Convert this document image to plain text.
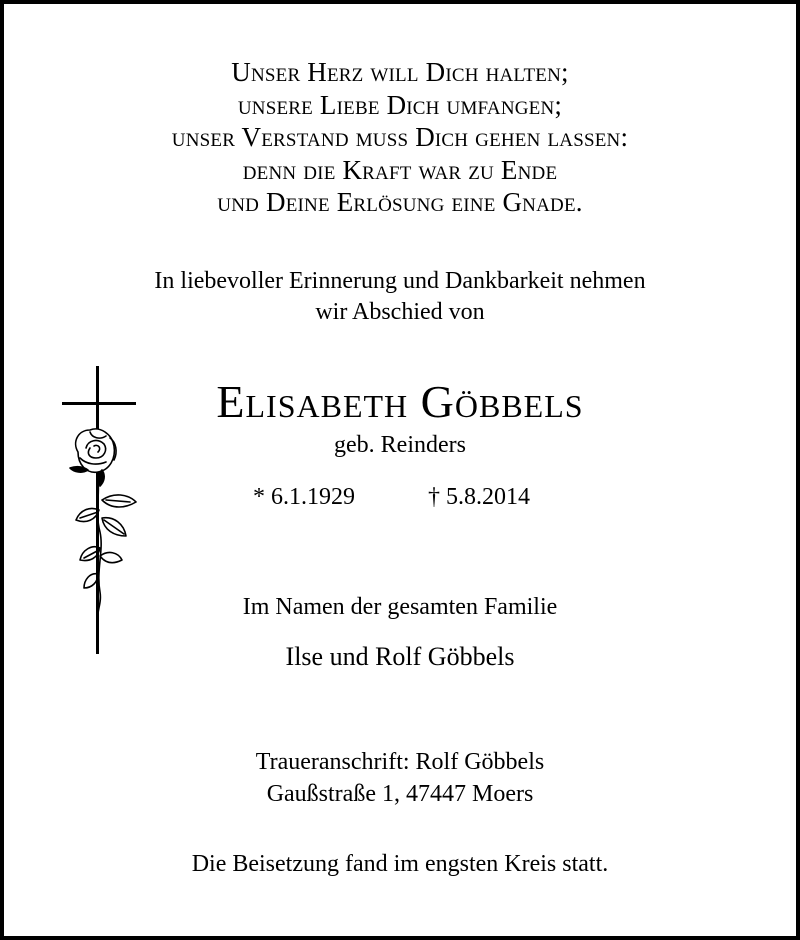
Unser Herz will Dich halten;
unsere Liebe Dich umfangen;
unser Verstand muss Dich gehen lassen:
denn die Kraft war zu Ende
und Deine Erlösung eine Gnade.
In liebevoller Erinnerung und Dankbarkeit nehmen
wir Abschied von
Elisabeth Göbbels
geb. Reinders
* 6.1.1929	† 5.8.2014
Im Namen der gesamten Familie
Ilse und Rolf Göbbels
Traueranschrift: Rolf Göbbels
Gaußstraße 1, 47447 Moers
Die Beisetzung fand im engsten Kreis statt.
